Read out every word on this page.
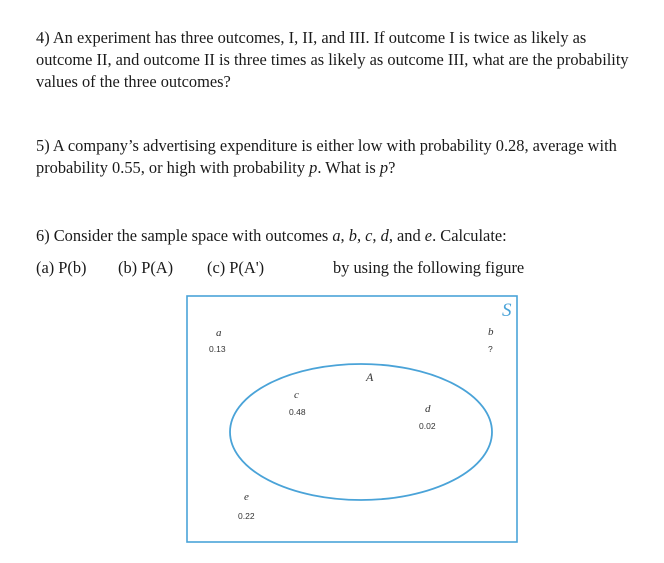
4) An experiment has three outcomes, I, II, and III. If outcome I is twice as likely as outcome II, and outcome II is three times as likely as outcome III, what are the probability values of the three outcomes?

5) A company’s advertising expenditure is either low with probability 0.28, average with probability 0.55, or high with probability p. What is p?

6) Consider the sample space with outcomes a, b, c, d, and e. Calculate:

(a) P(b) (b) P(A) (c) P(A')	by using the following figure
S
A
a
0.13
b
?
c
0.48	d
0.02
e
0.22
